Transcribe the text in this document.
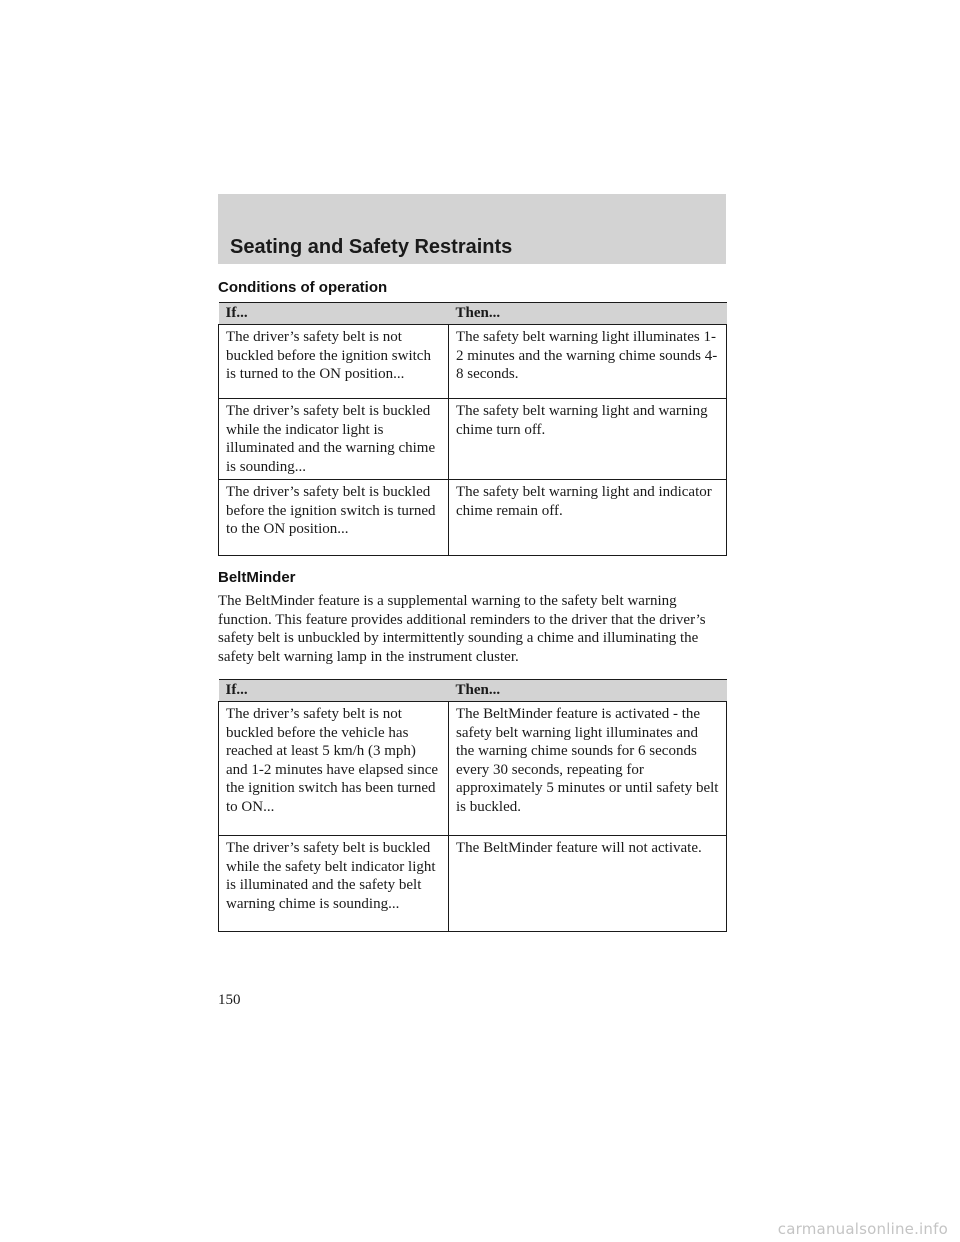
Seating and Safety Restraints
Conditions of operation
If...	Then...
The driver’s safety belt is not buckled before the ignition switch is turned to the ON position...	The safety belt warning light illuminates 1-2 minutes and the warning chime sounds 4-8 seconds.
The driver’s safety belt is buckled while the indicator light is illuminated and the warning chime is sounding...	The safety belt warning light and warning chime turn off.
The driver’s safety belt is buckled before the ignition switch is turned to the ON position...	The safety belt warning light and indicator chime remain off.
BeltMinder
The BeltMinder feature is a supplemental warning to the safety belt warning function. This feature provides additional reminders to the driver that the driver’s safety belt is unbuckled by intermittently sounding a chime and illuminating the safety belt warning lamp in the instrument cluster.
If...	Then...
The driver’s safety belt is not buckled before the vehicle has reached at least 5 km/h (3 mph) and 1-2 minutes have elapsed since the ignition switch has been turned to ON...	The BeltMinder feature is activated - the safety belt warning light illuminates and the warning chime sounds for 6 seconds every 30 seconds, repeating for approximately 5 minutes or until safety belt is buckled.
The driver’s safety belt is buckled while the safety belt indicator light is illuminated and the safety belt warning chime is sounding...	The BeltMinder feature will not activate.
150
carmanualsonline.info
